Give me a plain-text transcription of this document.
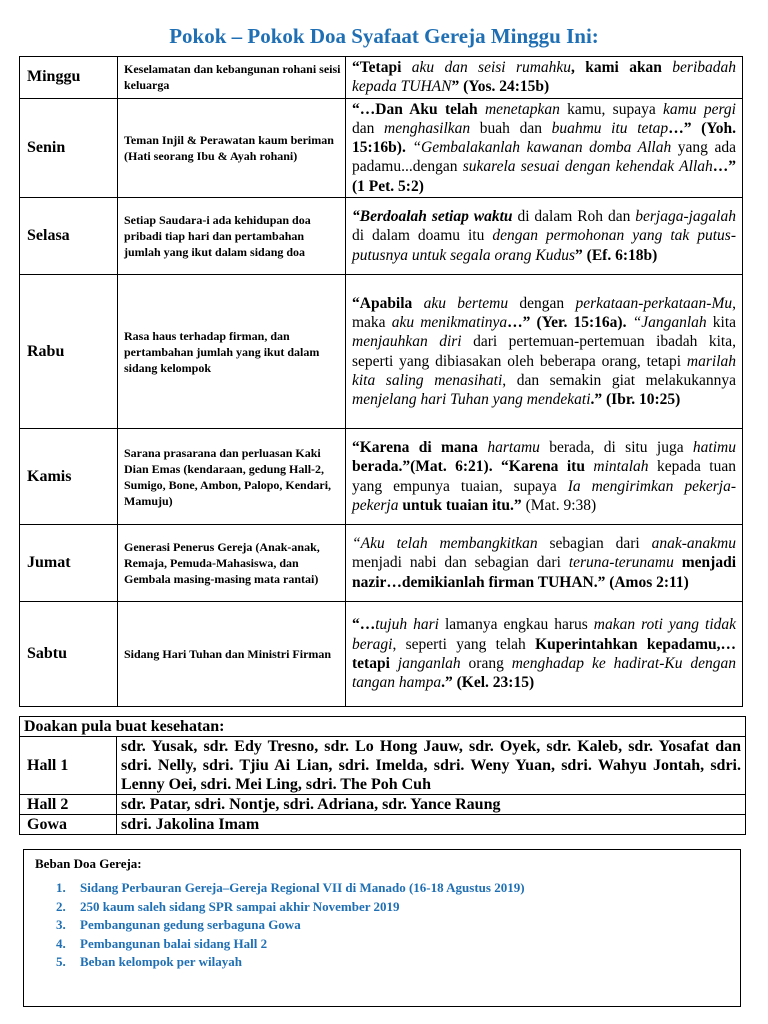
Pokok – Pokok Doa Syafaat Gereja Minggu Ini:
Minggu	Keselamatan dan kebangunan rohani seisi keluarga	“Tetapi aku dan seisi rumahku, kami akan beribadah kepada TUHAN” (Yos. 24:15b)
Senin	Teman Injil & Perawatan kaum beriman (Hati seorang Ibu & Ayah rohani)	“…Dan Aku telah menetapkan kamu, supaya kamu pergi dan menghasilkan buah dan buahmu itu tetap…” (Yoh. 15:16b). “Gembalakanlah kawanan domba Allah yang ada padamu...dengan sukarela sesuai dengan kehendak Allah…” (1 Pet. 5:2)
Selasa	Setiap Saudara-i ada kehidupan doa pribadi tiap hari dan pertambahan jumlah yang ikut dalam sidang doa	“Berdoalah setiap waktu di dalam Roh dan berjaga-jagalah di dalam doamu itu dengan permohonan yang tak putus-putusnya untuk segala orang Kudus” (Ef. 6:18b)
Rabu	Rasa haus terhadap firman, dan pertambahan jumlah yang ikut dalam sidang kelompok	“Apabila aku bertemu dengan perkataan-perkataan-Mu, maka aku menikmatinya…” (Yer. 15:16a). “Janganlah kita menjauhkan diri dari pertemuan-pertemuan ibadah kita, seperti yang dibiasakan oleh beberapa orang, tetapi marilah kita saling menasihati, dan semakin giat melakukannya menjelang hari Tuhan yang mendekati.” (Ibr. 10:25)
Kamis	Sarana prasarana dan perluasan Kaki Dian Emas (kendaraan, gedung Hall-2, Sumigo, Bone, Ambon, Palopo, Kendari, Mamuju)	“Karena di mana hartamu berada, di situ juga hatimu berada.”(Mat. 6:21). “Karena itu mintalah kepada tuan yang empunya tuaian, supaya Ia mengirimkan pekerja-pekerja untuk tuaian itu.” (Mat. 9:38)
Jumat	Generasi Penerus Gereja (Anak-anak, Remaja, Pemuda-Mahasiswa, dan Gembala masing-masing mata rantai)	“Aku telah membangkitkan sebagian dari anak-anakmu menjadi nabi dan sebagian dari teruna-terunamu menjadi nazir…demikianlah firman TUHAN.” (Amos 2:11)
Sabtu	Sidang Hari Tuhan dan Ministri Firman	“…tujuh hari lamanya engkau harus makan roti yang tidak beragi, seperti yang telah Kuperintahkan kepadamu,…tetapi janganlah orang menghadap ke hadirat-Ku dengan tangan hampa.” (Kel. 23:15)
Doakan pula buat kesehatan:	
Hall 1	sdr. Yusak, sdr. Edy Tresno, sdr. Lo Hong Jauw, sdr. Oyek, sdr. Kaleb, sdr. Yosafat dan sdri. Nelly, sdri. Tjiu Ai Lian, sdri. Imelda, sdri. Weny Yuan, sdri. Wahyu Jontah, sdri. Lenny Oei, sdri. Mei Ling, sdri. The Poh Cuh
Hall 2	sdr. Patar, sdri. Nontje, sdri. Adriana, sdr. Yance Raung
Gowa	sdri. Jakolina Imam
Beban Doa Gereja:
1. Sidang Perbauran Gereja–Gereja Regional VII di Manado (16-18 Agustus 2019)
2. 250 kaum saleh sidang SPR sampai akhir November 2019
3. Pembangunan gedung serbaguna Gowa
4. Pembangunan balai sidang Hall 2
5. Beban kelompok per wilayah
